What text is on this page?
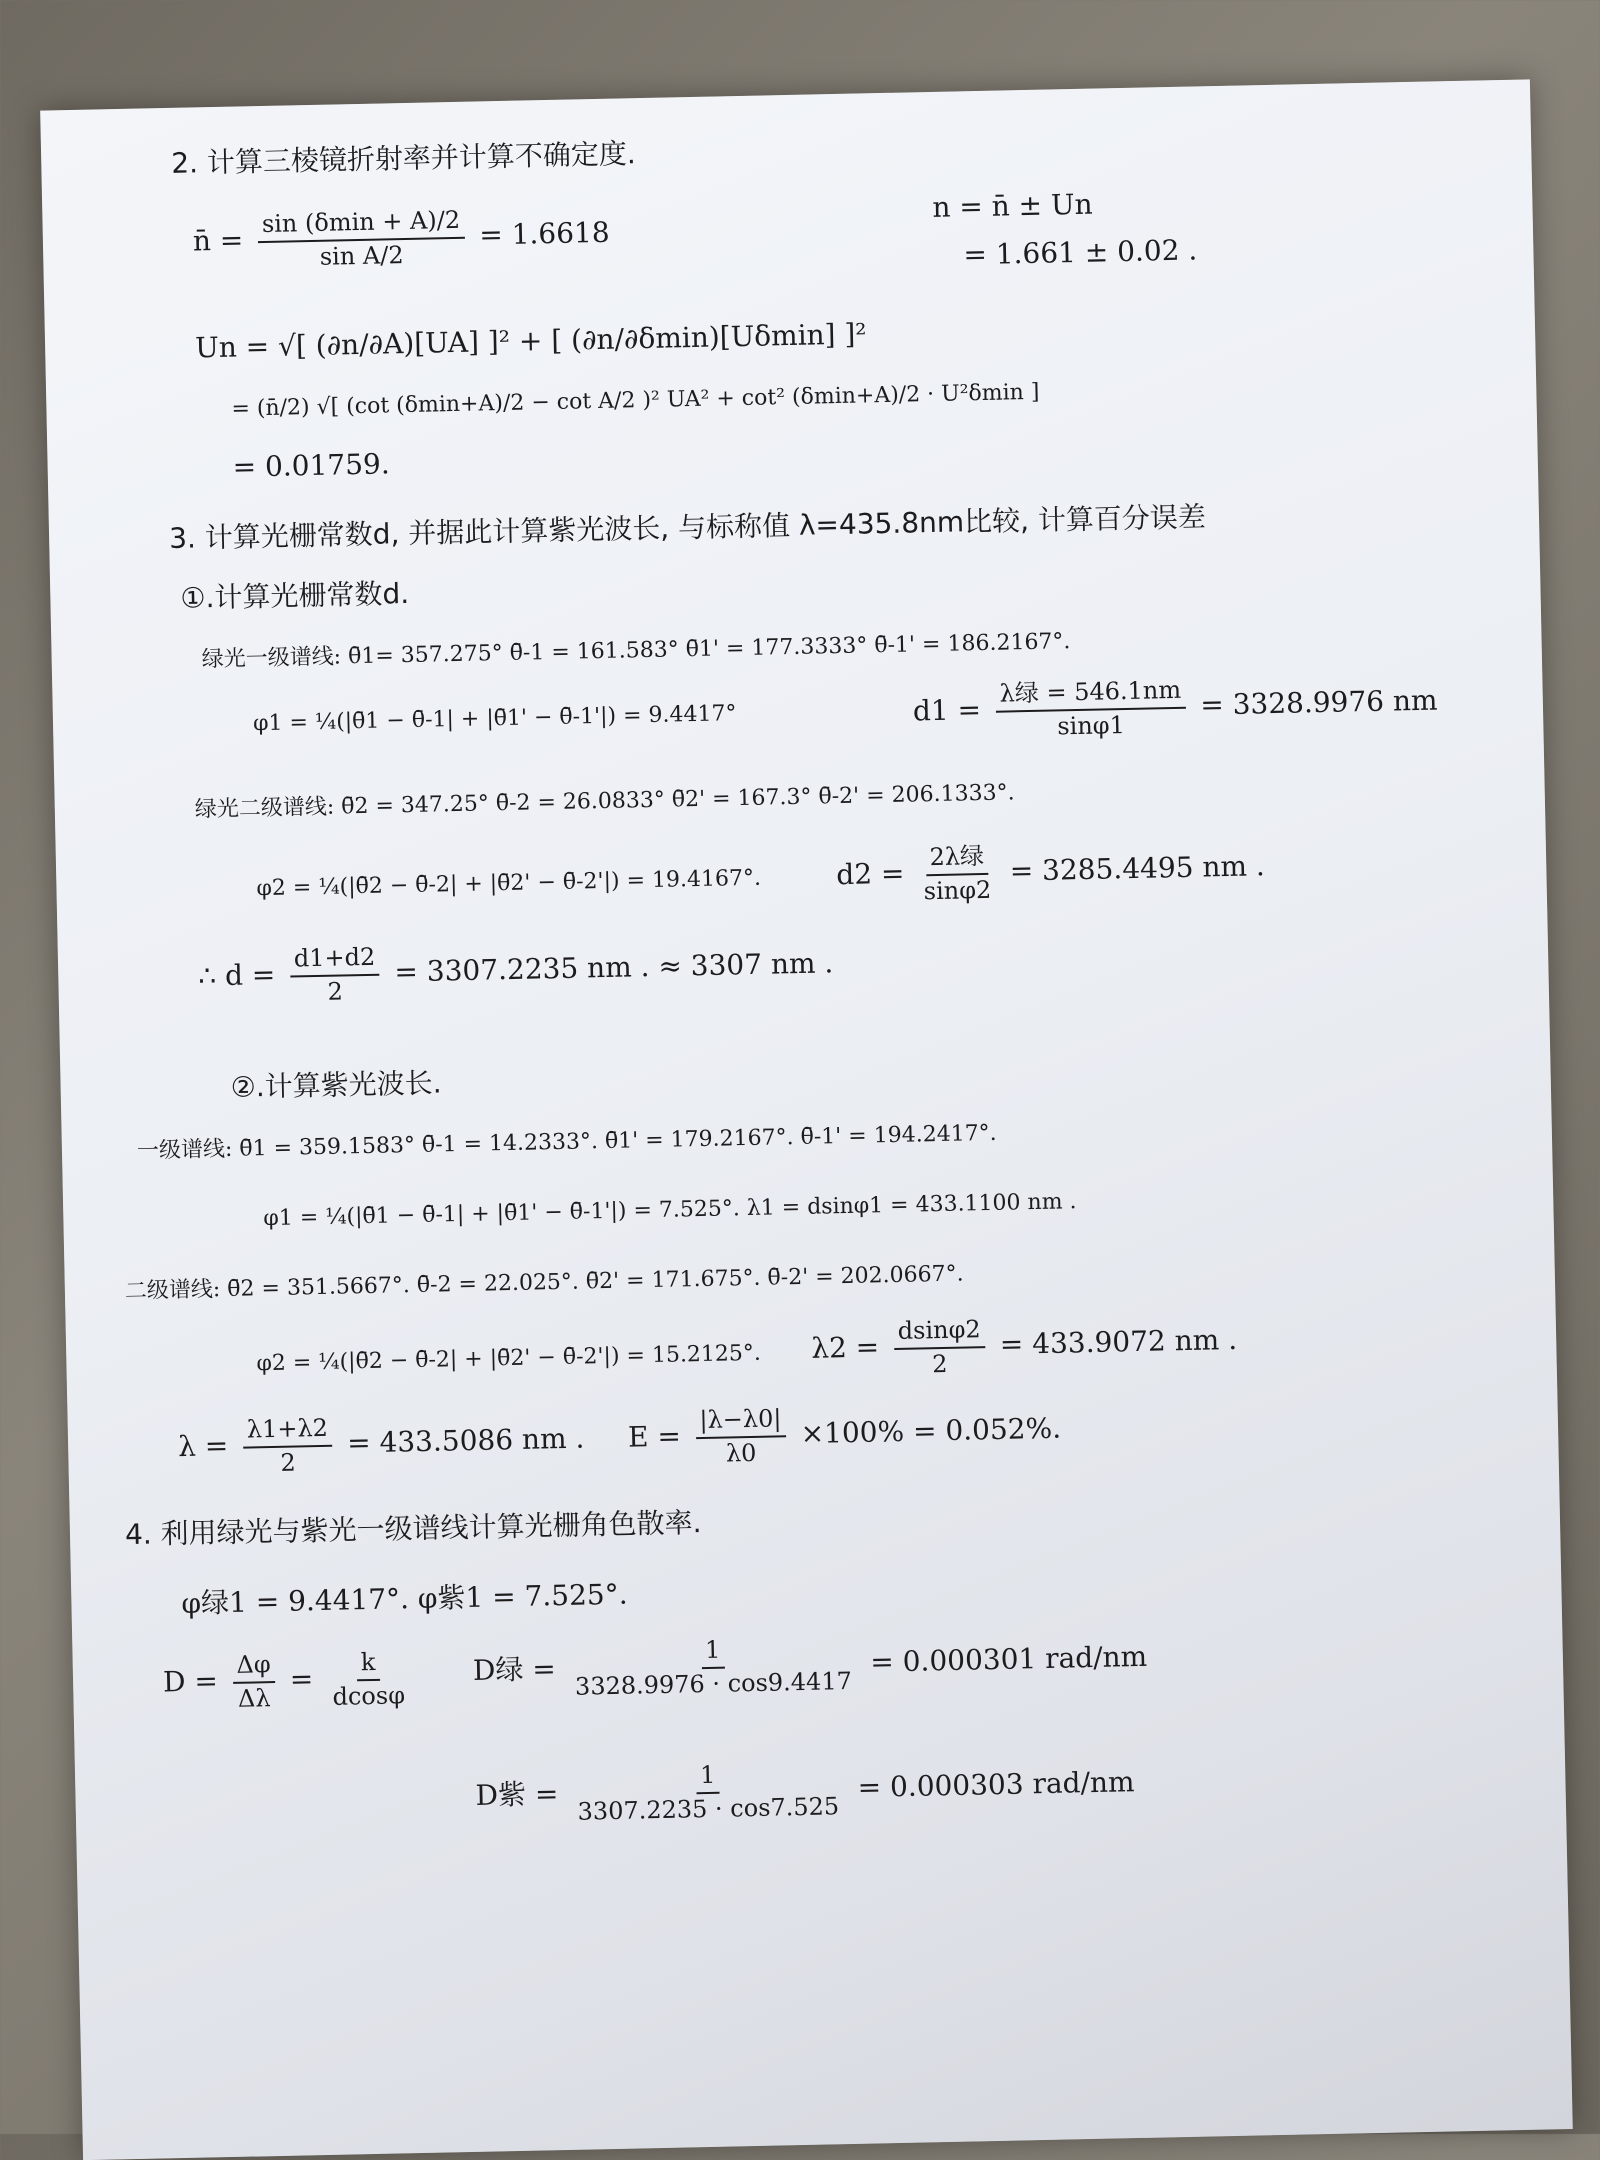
2. 计算三棱镜折射率并计算不确定度.
n̄ = $\frac{\sin (\delta\min + A)/2}{\text{sin A/2}} = 1.6618$
n = n̄ ± Un
= 1.661 ± 0.02 .
Un = √[ (∂n/∂A)[UA] ]² + [ (∂n/∂δmin)[Uδmin] ]²
= (n̄/2) √[ (cot (δmin+A)/2 − cot A/2 )² UA² + cot² (δmin+A)/2 · U²δmin ]
= 0.01759.
3. 计算光栅常数d, 并据此计算紫光波长, 与标称值 λ=435.8nm比较, 计算百分误差
①.计算光栅常数d.
绿光一级谱线: θ̄1= 357.275° θ̄-1 = 161.583° θ̄1' = 177.3333° θ̄-1' = 186.2167°.
φ1 = ¼(|θ̄1 − θ̄-1| + |θ̄1' − θ̄-1'|) = 9.4417°	$d1 = \frac{\text{λ绿 = 546.1nm}}{\sin\varphi 1} = 3328.9976$ nm
绿光二级谱线: θ̄2 = 347.25° θ̄-2 = 26.0833° θ̄2' = 167.3° θ̄-2' = 206.1333°.
φ2 = ¼(|θ̄2 − θ̄-2| + |θ̄2' − θ̄-2'|) = 19.4167°.	$d2 = \frac{\text{2λ绿}}{\sin\varphi 2} = 3285.4495$ nm .
∴ $d = \frac{d1+d2}{2} = 3307.2235$ nm . ≈ 3307 nm .
②.计算紫光波长.
一级谱线: θ̄1 = 359.1583° θ̄-1 = 14.2333°. θ̄1' = 179.2167°. θ̄-1' = 194.2417°.
φ1 = ¼(|θ̄1 − θ̄-1| + |θ̄1' − θ̄-1'|) = 7.525°. λ1 = dsinφ1 = 433.1100 nm .
二级谱线: θ̄2 = 351.5667°. θ̄-2 = 22.025°. θ̄2' = 171.675°. θ̄-2' = 202.0667°.
φ2 = ¼(|θ̄2 − θ̄-2| + |θ̄2' − θ̄-2'|) = 15.2125°. $\lambda 2 = \frac{dsin\varphi 2}{2} = 433.9072$ nm .
$\lambda = \frac{\lambda 1+\lambda 2}{2} = 433.5086$ nm . $E = \frac{|\lambda-\lambda 0|}{\lambda 0} \times 100\% = 0.052\%$.
4. 利用绿光与紫光一级谱线计算光栅角色散率.
φ绿1 = 9.4417°. φ紫1 = 7.525°.
$D = \frac{\Delta\varphi}{\Delta\lambda} = \frac{k}{dcos\varphi}$ D绿 = $\frac{1}{3328.9976 \cdot \cos 9.4417} = 0.000301$ rad/nm
D紫 = $\frac{1}{3307.2235 \cdot \cos 7.525} = 0.000303$ rad/nm
